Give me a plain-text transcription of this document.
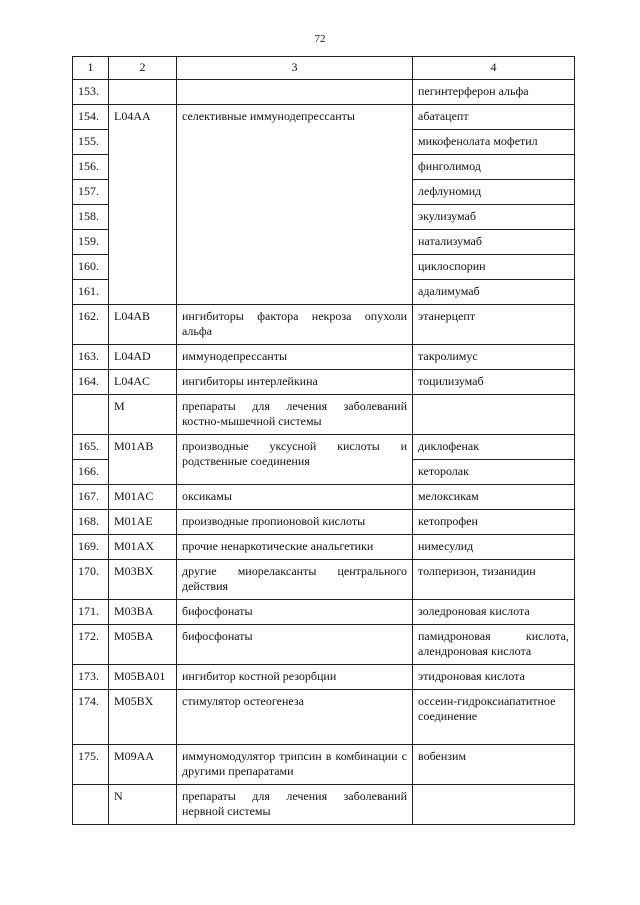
72
1	2	3	4
153.			пегинтерферон альфа
154.	L04AA	селективные иммунодепрессанты	абатацепт
155.			микофенолата мофетил
156.			финголимод
157.			лефлуномид
158.			экулизумаб
159.			натализумаб
160.			циклоспорин
161.			адалимумаб
162.	L04AB	ингибиторы фактора некроза опухоли альфа	этанерцепт
163.	L04AD	иммунодепрессанты	такролимус
164.	L04AC	ингибиторы интерлейкина	тоцилизумаб
	M	препараты для лечения заболеваний костно-мышечной системы	
165.	M01AB	производные уксусной кислоты и родственные соединения	диклофенак
166.			кеторолак
167.	M01AC	оксикамы	мелоксикам
168.	M01AE	производные пропионовой кислоты	кетопрофен
169.	M01AX	прочие ненаркотические анальгетики	нимесулид
170.	M03BX	другие миорелаксанты центрального действия	толперизон, тизанидин
171.	M03BA	бифосфонаты	золедроновая кислота
172.	M05BA	бифосфонаты	памидроновая кислота, алендроновая кислота
173.	M05BA01	ингибитор костной резорбции	этидроновая кислота
174.	M05BX	стимулятор остеогенеза	оссеин-гидроксиапатитное соединение
175.	M09AA	иммуномодулятор трипсин в комбинации с другими препаратами	вобензим
	N	препараты для лечения заболеваний нервной системы	
